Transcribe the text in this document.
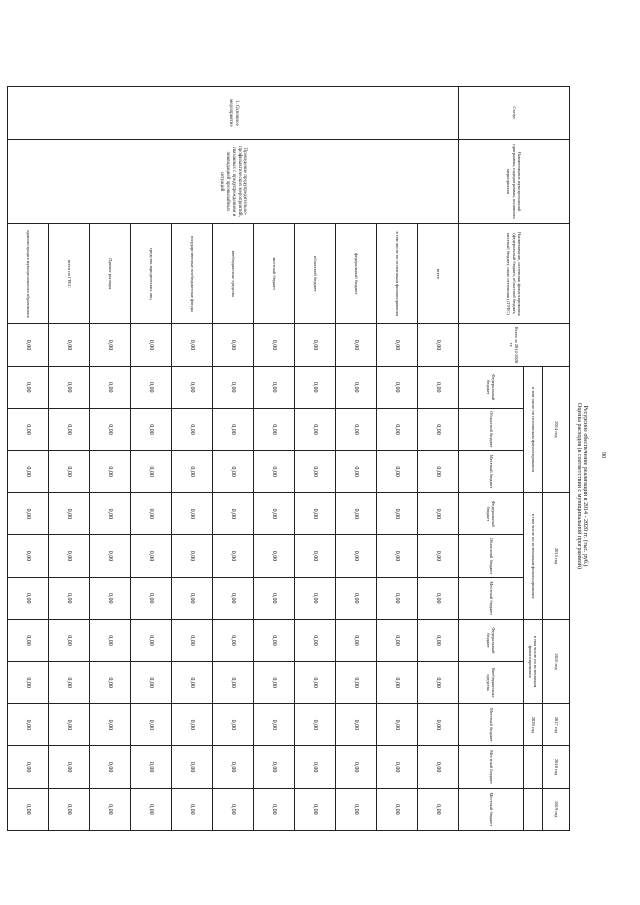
90
Ресурсное обеспечение реализации в 2014 - 2020 гг. (тыс. руб.)
Оценка расходов (в соответствии с муниципальной программой)
Статус	Наименование муниципальной программы, подпрограммы, основного мероприятия	Наименование, источники финансирования (федеральный бюджет, областной бюджет, местный бюджет, иные источники) (ГРБС)	Всего за 2014-2020 гг.	2014 год			2015 год			2016 год		2017 год	2018 год	2019 год
				в том числе по источникам финансирования			в том числе по источникам финансирования			в том числе по источникам финансирования		2020 год		
				Федеральный бюджет	Областной бюджет	Местный бюджет	Федеральный бюджет	Областной бюджет	Местный бюджет	Федеральный бюджет	Внебюджетные средства	Местный бюджет	Местный бюджет	Местный бюджет
1. Основное мероприятие	Проведение предупредительно-профилактических мероприятий, связанных с предупреждением и ликвидацией чрезвычайных ситуаций	всего	0,00	0,00	0,00	0,00	0,00	0,00	0,00	0,00	0,00	0,00	0,00	0,00
		в том числе по источникам финансирования	0,00	0,00	0,00	0,00	0,00	0,00	0,00	0,00	0,00	0,00	0,00	0,00
		федеральный бюджет	0,00	0,00	0,00	0,00	0,00	0,00	0,00	0,00	0,00	0,00	0,00	0,00
		областной бюджет	0,00	0,00	0,00	0,00	0,00	0,00	0,00	0,00	0,00	0,00	0,00	0,00
		местный бюджет	0,00	0,00	0,00	0,00	0,00	0,00	0,00	0,00	0,00	0,00	0,00	0,00
		внебюджетные средства	0,00	0,00	0,00	0,00	0,00	0,00	0,00	0,00	0,00	0,00	0,00	0,00
		государственные внебюджетные фонды	0,00	0,00	0,00	0,00	0,00	0,00	0,00	0,00	0,00	0,00	0,00	0,00
		средства юридических лиц	0,00	0,00	0,00	0,00	0,00	0,00	0,00	0,00	0,00	0,00	0,00	0,00
		Прочие расходы	0,00	0,00	0,00	0,00	0,00	0,00	0,00	0,00	0,00	0,00	0,00	0,00
		всего по ГРБС	0,00	0,00	0,00	0,00	0,00	0,00	0,00	0,00	0,00	0,00	0,00	0,00
		администрация муниципального образования	0,00	0,00	0,00	0,00	0,00	0,00	0,00	0,00	0,00	0,00	0,00	0,00
